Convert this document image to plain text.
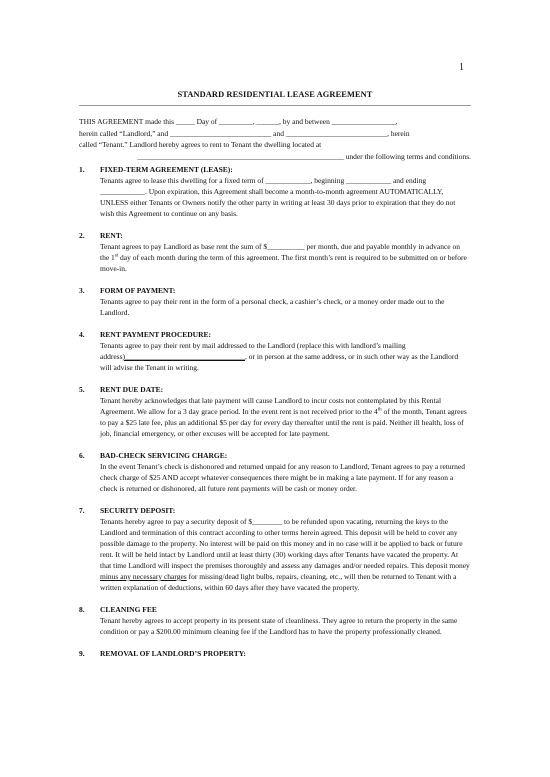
1
STANDARD RESIDENTIAL LEASE AGREEMENT

THIS AGREEMENT made this _____ Day of _________, ______, by and between _________________,

herein called “Landlord,” and ___________________________ and ___________________________, herein

called “Tenant.” Landlord hereby agrees to rent to Tenant the dwelling located at

_______________________________________________________ under the following terms and conditions.

1. FIXED-TERM AGREEMENT (LEASE):

Tenants agree to lease this dwelling for a fixed term of ____________, beginning ____________ and ending ____________. Upon expiration, this Agreement shall become a month-to-month agreement AUTOMATICALLY, UNLESS either Tenants or Owners notify the other party in writing at least 30 days prior to expiration that they do not wish this Agreement to continue on any basis.

2. RENT:

Tenant agrees to pay Landlord as base rent the sum of $__________ per month, due and payable monthly in advance on the 1st day of each month during the term of this agreement. The first month’s rent is required to be submitted on or before move-in.

3. FORM OF PAYMENT:

Tenants agree to pay their rent in the form of a personal check, a cashier’s check, or a money order made out to the Landlord.

4. RENT PAYMENT PROCEDURE:

Tenants agree to pay their rent by mail addressed to the Landlord (replace this with landlord’s mailing address)________________________________, or in person at the same address, or in such other way as the Landlord will advise the Tenant in writing.

5. RENT DUE DATE:

Tenant hereby acknowledges that late payment will cause Landlord to incur costs not contemplated by this Rental Agreement. We allow for a 3 day grace period. In the event rent is not received prior to the 4th of the month, Tenant agrees to pay a $25 late fee, plus an additional $5 per day for every day thereafter until the rent is paid. Neither ill health, loss of job, financial emergency, or other excuses will be accepted for late payment.

6. BAD-CHECK SERVICING CHARGE:

In the event Tenant’s check is dishonored and returned unpaid for any reason to Landlord, Tenant agrees to pay a returned check charge of $25 AND accept whatever consequences there might be in making a late payment. If for any reason a check is returned or dishonored, all future rent payments will be cash or money order.

7. SECURITY DEPOSIT:

Tenants hereby agree to pay a security deposit of $________ to be refunded upon vacating, returning the keys to the Landlord and termination of this contract according to other terms herein agreed. This deposit will be held to cover any possible damage to the property. No interest will be paid on this money and in no case will it be applied to back or future rent. It will be held intact by Landlord until at least thirty (30) working days after Tenants have vacated the property. At that time Landlord will inspect the premises thoroughly and assess any damages and/or needed repairs. This deposit money minus any necessary charges for missing/dead light bulbs, repairs, cleaning, etc., will then be returned to Tenant with a written explanation of deductions, within 60 days after they have vacated the property.

8. CLEANING FEE

Tenant hereby agrees to accept property in its present state of cleanliness. They agree to return the property in the same condition or pay a $200.00 minimum cleaning fee if the Landlord has to have the property professionally cleaned.

9. REMOVAL OF LANDLORD’S PROPERTY:
